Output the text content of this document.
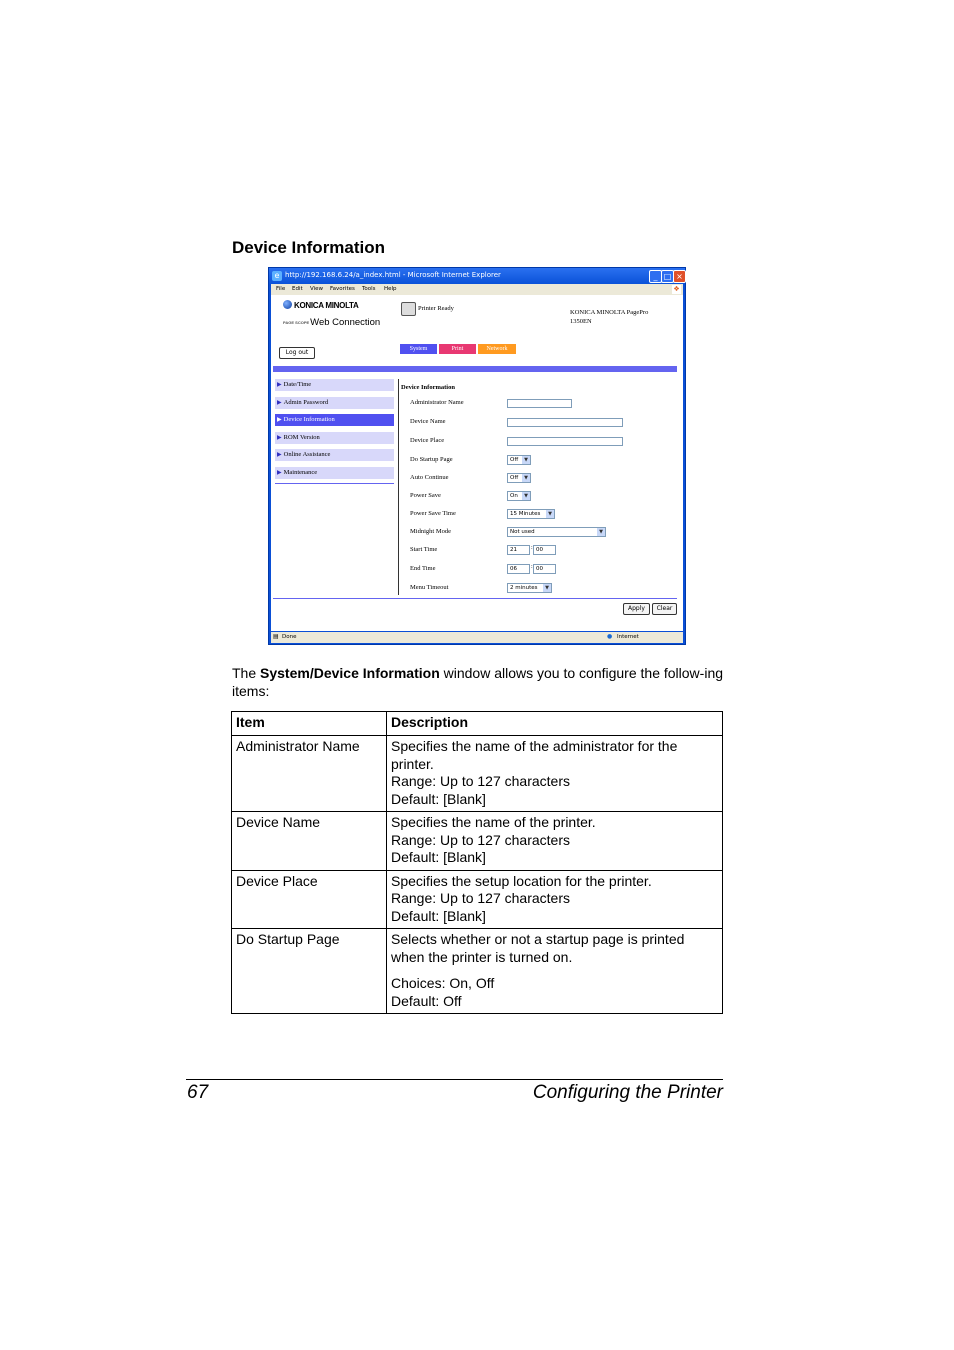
Device Information
e http://192.168.6.24/a_index.html - Microsoft Internet Explorer	_ □ ×
File Edit View Favorites Tools Help	❖
KONICA MINOLTA
PAGE SCOPEWeb Connection
Printer Ready
KONICA MINOLTA PagePro
1350EN
Log out	System	Print	Network
▶ Date/Time
▶ Admin Password
▶ Device Information
▶ ROM Version
▶ Online Assistance
▶ Maintenance
Device Information
Administrator Name
Device Name
Device Place
Do Startup Page	Off	▼
Auto Continue	Off	▼
Power Save	On	▼
Power Save Time	15 Minutes	▼
Midnight Mode	Not used	▼
Start Time	21	: 00
End Time	06	: 00
Menu Timeout	2 minutes	▼
Apply	Clear
▤ Done	● Internet
The System/Device Information window allows you to configure the follow-ing items:
Item	Description
Administrator Name	Specifies the name of the administrator for the printer.
Range: Up to 127 characters
Default: [Blank]

Device Name	Specifies the name of the printer.
Range: Up to 127 characters
Default: [Blank]

Device Place	Specifies the setup location for the printer.
Range: Up to 127 characters
Default: [Blank]

Do Startup Page	Selects whether or not a startup page is printed when the printer is turned on.
Choices: On, Off
Default: Off
67	Configuring the Printer
